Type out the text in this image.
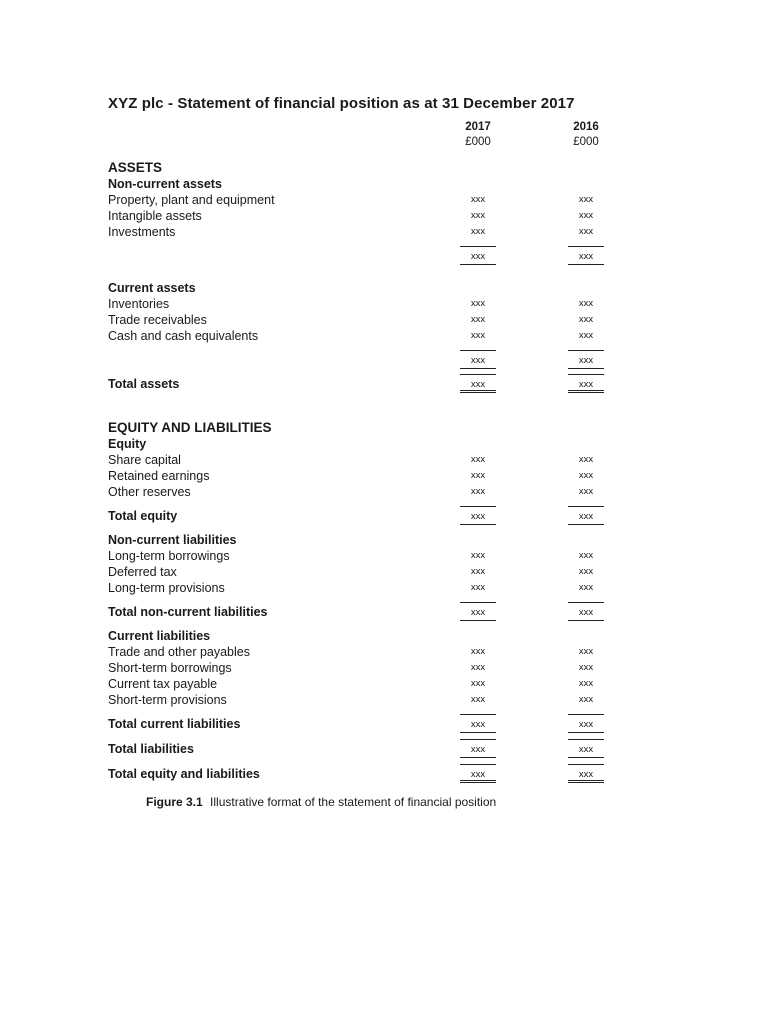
XYZ plc - Statement of financial position as at 31 December 2017
2017
£000
2016
£000
ASSETS
Non-current assets
Property, plant and equipment	xxx	xxx
Intangible assets	xxx	xxx
Investments	xxx	xxx
xxx	xxx
Current assets
Inventories	xxx	xxx
Trade receivables	xxx	xxx
Cash and cash equivalents	xxx	xxx
xxx	xxx
Total assets	xxx	xxx
EQUITY AND LIABILITIES
Equity
Share capital	xxx	xxx
Retained earnings	xxx	xxx
Other reserves	xxx	xxx
Total equity	xxx	xxx
Non-current liabilities
Long-term borrowings	xxx	xxx
Deferred tax	xxx	xxx
Long-term provisions	xxx	xxx
Total non-current liabilities	xxx	xxx
Current liabilities
Trade and other payables	xxx	xxx
Short-term borrowings	xxx	xxx
Current tax payable	xxx	xxx
Short-term provisions	xxx	xxx
Total current liabilities	xxx	xxx
Total liabilities	xxx	xxx
Total equity and liabilities	xxx	xxx
Figure 3.1 Illustrative format of the statement of financial position
